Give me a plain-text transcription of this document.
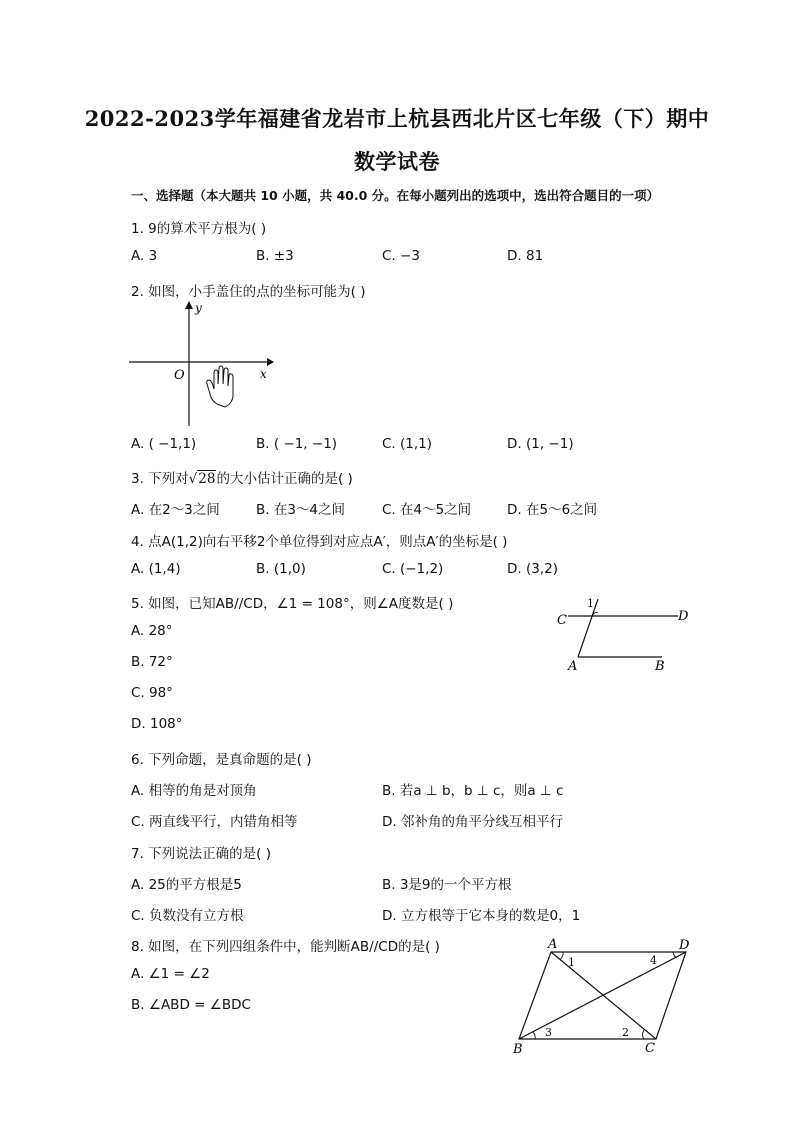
2022-2023学年福建省龙岩市上杭县西北片区七年级（下）期中
数学试卷
一、选择题（本大题共 10 小题，共 40.0 分。在每小题列出的选项中，选出符合题目的一项）
1. 9的算术平方根为( )
A. 3	B. ±3	C. −3	D. 81
2. 如图，小手盖住的点的坐标可能为( )
y
O	x
A. ( −1,1)	B. ( −1, −1)	C. (1,1)	D. (1, −1)
3. 下列对√28的大小估计正确的是( )
A. 在2～3之间	B. 在3～4之间	C. 在4～5之间	D. 在5～6之间
4. 点A(1,2)向右平移2个单位得到对应点A′，则点A′的坐标是( )
A. (1,4)	B. (1,0)	C. (−1,2)	D. (3,2)
5. 如图，已知AB//CD，∠1 = 108°，则∠A度数是( )
A. 28°
B. 72°
C. 98°
D. 108°
C	D
A	B
1
6. 下列命题，是真命题的是( )
A. 相等的角是对顶角	B. 若a ⊥ b，b ⊥ c，则a ⊥ c
C. 两直线平行，内错角相等	D. 邻补角的角平分线互相平行
7. 下列说法正确的是( )
A. 25的平方根是5	B. 3是9的一个平方根
C. 负数没有立方根	D. 立方根等于它本身的数是0，1
8. 如图，在下列四组条件中，能判断AB//CD的是( )
A. ∠1 = ∠2
B. ∠ABD = ∠BDC
A	D
B	C
1	4
3	2
